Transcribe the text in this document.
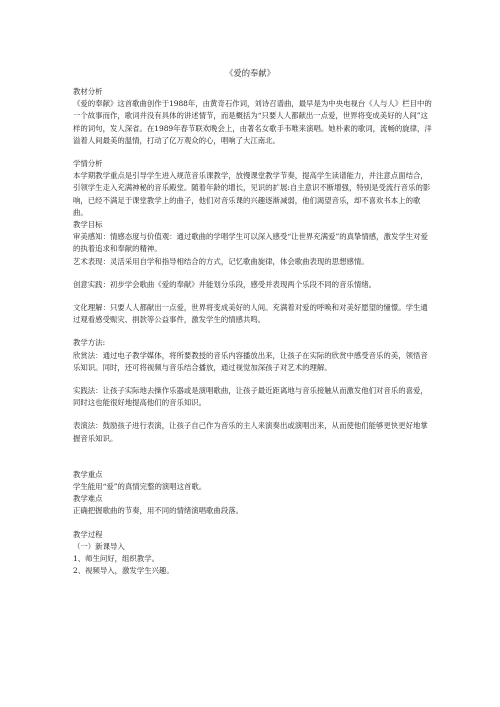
《爱的奉献》

教材分析

《爱的奉献》这首歌曲创作于1988年，由黄奇石作词，刘诗召谱曲，最早是为中央电视台《人与人》栏目中的一个故事而作，歌词并没有具体的讲述情节，而是概括为“只要人人都献出一点爱，世界将变成美好的人间”这样的词句，发人深省。在1989年春节联欢晚会上，由著名女歌手韦唯来演唱。她朴素的歌词，流畅的旋律，洋溢着人间最美的温情，打动了亿万观众的心，唱响了大江南北。

学情分析

本学期教学重点是引导学生进入规范音乐课教学，放慢课堂教学节奏，提高学生读谱能力，并注意点面结合，引领学生走入充满神秘的音乐殿堂。随着年龄的增长，见识的扩展:自主意识不断增强，特别是受流行音乐的影响，已经不满足于课堂教学上的曲子，他们对音乐课的兴趣逐渐减弱，他们渴望音乐，却不喜欢书本上的歌曲。

教学目标

审美感知：情感态度与价值观：通过歌曲的学唱学生可以深入感受“让世界充满爱”的真挚情感，激发学生对爱的执着追求和奉献的精神。

艺术表现：灵活采用自学和指导相结合的方式，记忆歌曲旋律，体会歌曲表现的思想感情。

创意实践：初步学会歌曲《爱的奉献》并能划分乐段，感受并表现两个乐段不同的音乐情绪。

文化理解：只要人人都献出一点爱，世界将变成美好的人间。充满着对爱的呼唤和对美好愿望的憧憬。学生通过观看感受赈灾、捐款等公益事件，激发学生的情感共鸣。

教学方法:

欣赏法：通过电子教学媒体，将所要教授的音乐内容播放出来，让孩子在实际的欣赏中感受音乐的美，领悟音乐知识。同时，还可将视频与音乐结合播放，通过视觉加深孩子对艺术的理解。

实践法：让孩子实际地去操作乐器或是演唱歌曲，让孩子最近距离地与音乐接触从而激发他们对音乐的喜爱，同时这也能很好地提高他们的音乐知识。

表演法：鼓励孩子进行表演，让孩子自己作为音乐的主人来演奏出或演唱出来，从而使他们能够更快更好地掌握音乐知识。

教学重点

学生能用“爱”的真情完整的演唱这首歌。

教学难点

正确把握歌曲的节奏，用不同的情绪演唱歌曲段落。

教学过程

（一）新课导入

1、师生问好，组织教学。

2、视频导入，激发学生兴趣。
